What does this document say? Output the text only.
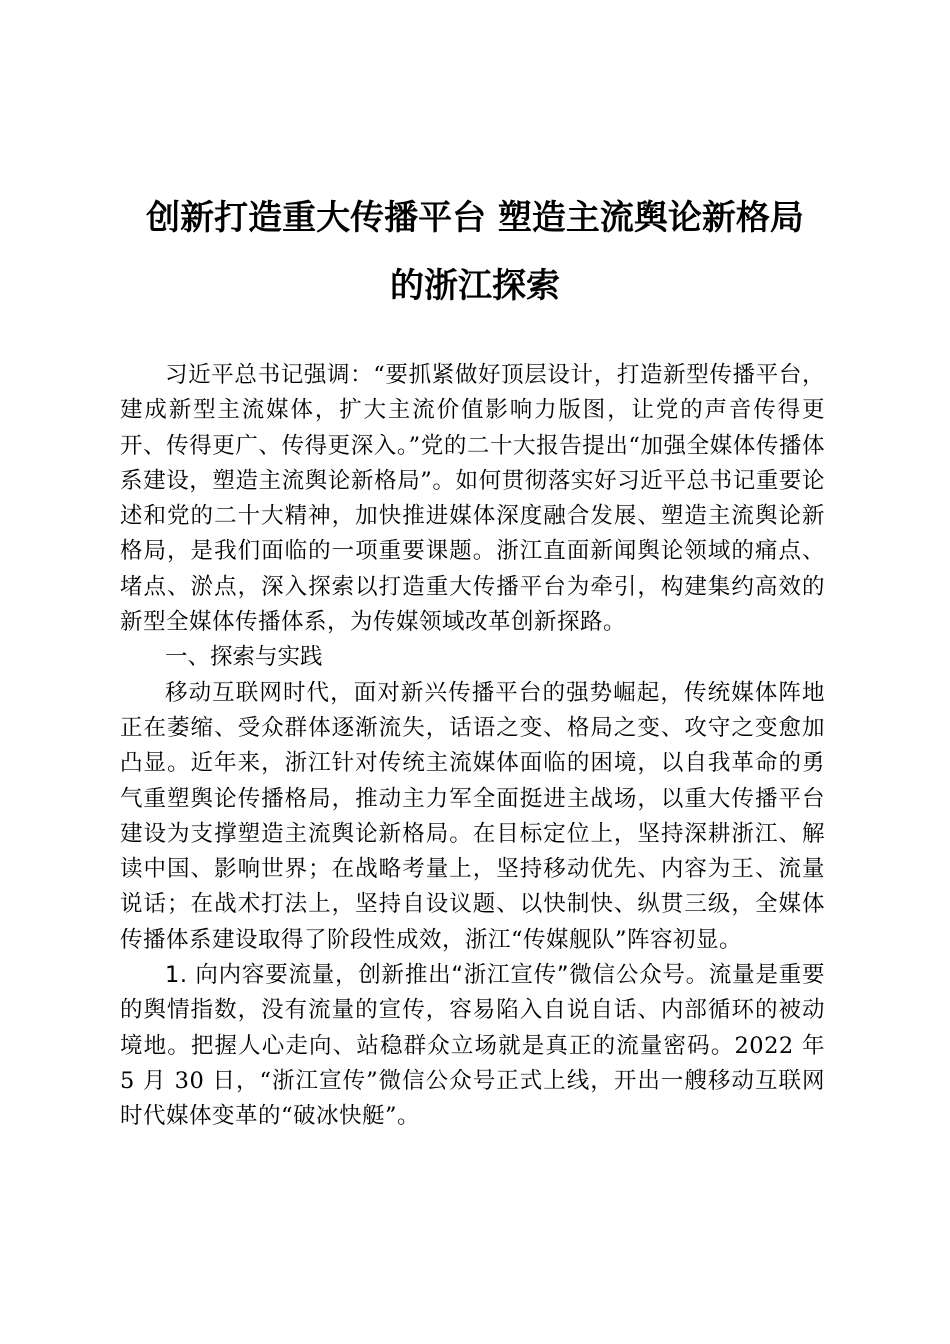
创新打造重大传播平台 塑造主流舆论新格局
的浙江探索

习近平总书记强调：“要抓紧做好顶层设计，打造新型传播平台，建成新型主流媒体，扩大主流价值影响力版图，让党的声音传得更开、传得更广、传得更深入。”党的二十大报告提出“加强全媒体传播体系建设，塑造主流舆论新格局”。如何贯彻落实好习近平总书记重要论述和党的二十大精神，加快推进媒体深度融合发展、塑造主流舆论新格局，是我们面临的一项重要课题。浙江直面新闻舆论领域的痛点、堵点、淤点，深入探索以打造重大传播平台为牵引，构建集约高效的新型全媒体传播体系，为传媒领域改革创新探路。

一、探索与实践

移动互联网时代，面对新兴传播平台的强势崛起，传统媒体阵地正在萎缩、受众群体逐渐流失，话语之变、格局之变、攻守之变愈加凸显。近年来，浙江针对传统主流媒体面临的困境，以自我革命的勇气重塑舆论传播格局，推动主力军全面挺进主战场，以重大传播平台建设为支撑塑造主流舆论新格局。在目标定位上，坚持深耕浙江、解读中国、影响世界；在战略考量上，坚持移动优先、内容为王、流量说话；在战术打法上，坚持自设议题、以快制快、纵贯三级，全媒体传播体系建设取得了阶段性成效，浙江“传媒舰队”阵容初显。

1. 向内容要流量，创新推出“浙江宣传”微信公众号。流量是重要的舆情指数，没有流量的宣传，容易陷入自说自话、内部循环的被动境地。把握人心走向、站稳群众立场就是真正的流量密码。2022 年 5 月 30 日，“浙江宣传”微信公众号正式上线，开出一艘移动互联网时代媒体变革的“破冰快艇”。
